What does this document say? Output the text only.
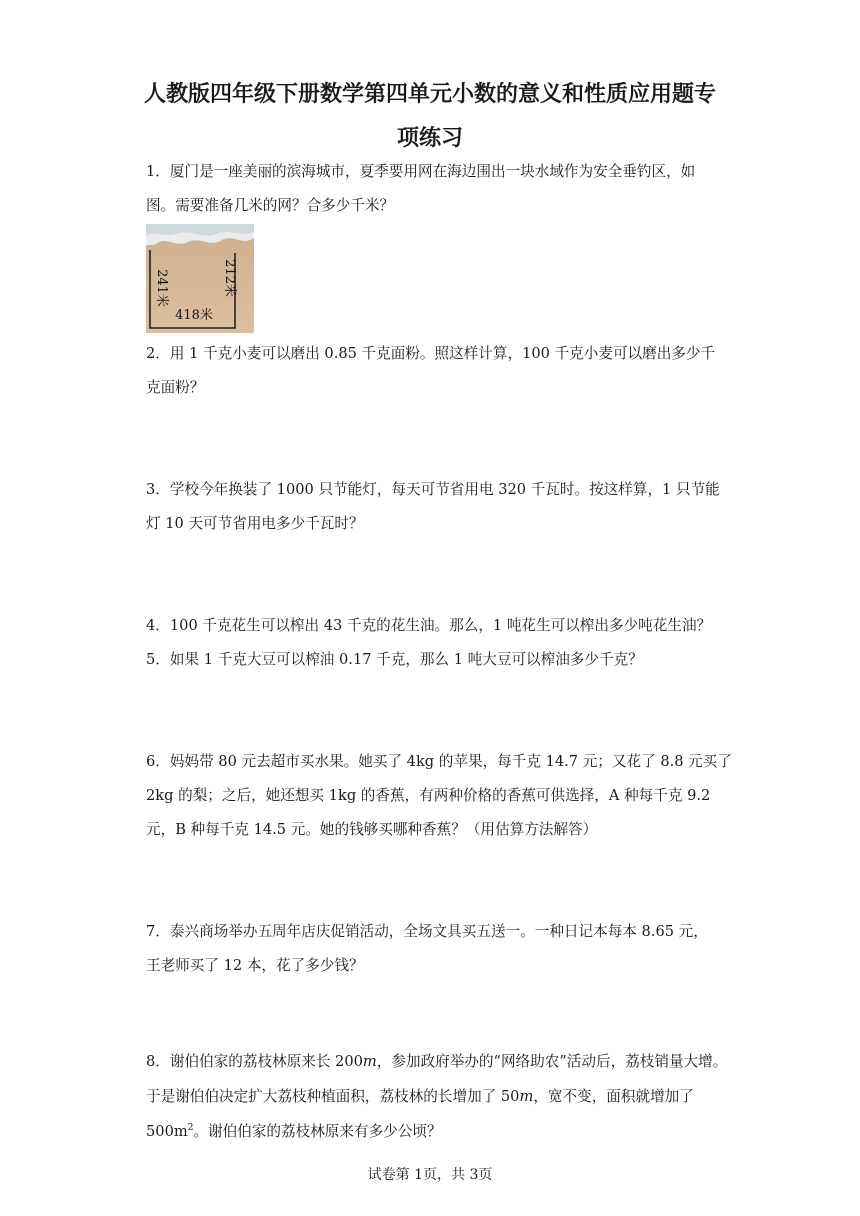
人教版四年级下册数学第四单元小数的意义和性质应用题专
项练习
1．厦门是一座美丽的滨海城市，夏季要用网在海边围出一块水域作为安全垂钓区，如
图。需要准备几米的网？合多少千米？
241米	212米
418米
2．用 1 千克小麦可以磨出 0.85 千克面粉。照这样计算，100 千克小麦可以磨出多少千
克面粉？
3．学校今年换装了 1000 只节能灯，每天可节省用电 320 千瓦时。按这样算，1 只节能
灯 10 天可节省用电多少千瓦时？
4．100 千克花生可以榨出 43 千克的花生油。那么，1 吨花生可以榨出多少吨花生油？
5．如果 1 千克大豆可以榨油 0.17 千克，那么 1 吨大豆可以榨油多少千克？
6．妈妈带 80 元去超市买水果。她买了 4kg 的苹果，每千克 14.7 元；又花了 8.8 元买了
2kg 的梨；之后，她还想买 1kg 的香蕉，有两种价格的香蕉可供选择，A 种每千克 9.2
元，B 种每千克 14.5 元。她的钱够买哪种香蕉？（用估算方法解答）
7．泰兴商场举办五周年店庆促销活动，全场文具买五送一。一种日记本每本 8.65 元，
王老师买了 12 本，花了多少钱？
8．谢伯伯家的荔枝林原来长 200m，参加政府举办的“网络助农”活动后，荔枝销量大增。
于是谢伯伯决定扩大荔枝种植面积，荔枝林的长增加了 50m，宽不变，面积就增加了
$500m^2$。谢伯伯家的荔枝林原来有多少公顷？
试卷第 1页，共 3页
